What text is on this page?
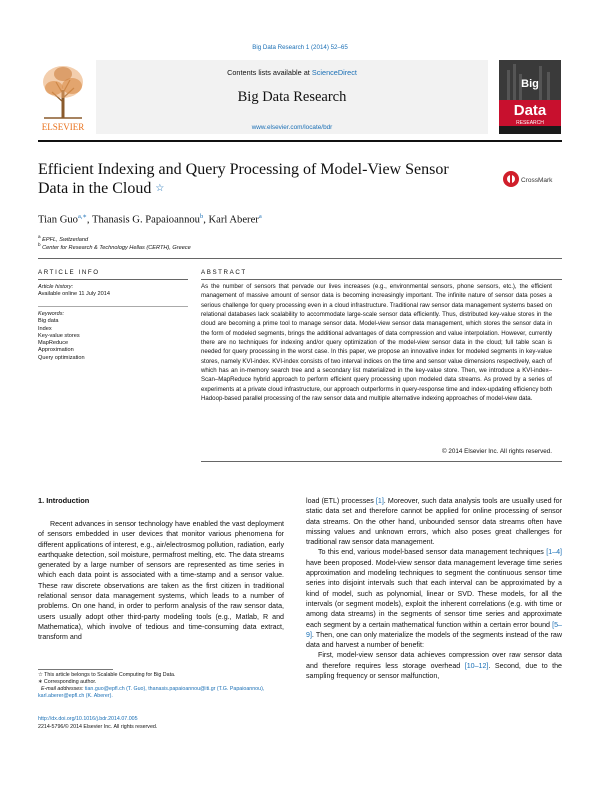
Big Data Research 1 (2014) 52–65
ELSEVIER
Contents lists available at ScienceDirect
Big Data Research
www.elsevier.com/locate/bdr
Big
Data
RESEARCH
Efficient Indexing and Query Processing of Model-View Sensor Data in the Cloud ☆
CrossMark
Tian Guo$^{a,∗}$, Thanasis G. Papaioannou$^b$, Karl Aberer$^a$
$^a$ EPFL, Switzerland
$^b$ Center for Research & Technology Hellas (CERTH), Greece
ARTICLE INFO
Article history:
Available online 11 July 2014
Keywords:
Big data
Index
Key-value stores
MapReduce
Approximation
Query optimization
ABSTRACT
As the number of sensors that pervade our lives increases (e.g., environmental sensors, phone sensors, etc.), the efficient management of massive amount of sensor data is becoming increasingly important. The infinite nature of sensor data poses a serious challenge for query processing even in a cloud infrastructure. Traditional raw sensor data management systems based on relational databases lack scalability to accommodate large-scale sensor data efficiently. Thus, distributed key-value stores in the cloud are becoming a prime tool to manage sensor data. Model-view sensor data management, which stores the sensor data in the form of modeled segments, brings the additional advantages of data compression and value interpolation. However, currently there are no techniques for indexing and/or query optimization of the model-view sensor data in the cloud; full table scan is needed for query processing in the worst case. In this paper, we propose an innovative index for modeled segments in key-value stores, namely KVI-index. KVI-index consists of two interval indices on the time and sensor value dimensions respectively, each of which has an in-memory search tree and a secondary list materialized in the key-value store. Then, we introduce a KVI-index–Scan–MapReduce hybrid approach to perform efficient query processing upon modeled data streams. As proved by a series of experiments at a private cloud infrastructure, our approach outperforms in query-response time and index-updating efficiency both Hadoop-based parallel processing of the raw sensor data and multiple alternative indexing approaches of model-view data.
© 2014 Elsevier Inc. All rights reserved.
1. Introduction

Recent advances in sensor technology have enabled the vast deployment of sensors embedded in user devices that monitor various phenomena for different applications of interest, e.g., air/electrosmog pollution, radiation, early earthquake detection, soil moisture, permafrost melting, etc. The data streams generated by a large number of sensors are represented as time series in which each data point is associated with a time-stamp and a sensor value. These raw discrete observations are taken as the first citizen in traditional relational sensor data management systems, which leads to a number of problems. On one hand, in order to perform analysis of the raw sensor data, users usually adopt other third-party modeling tools (e.g., Matlab, R and Mathematica), which involve of tedious and time-consuming data extract, transform and

load (ETL) processes [1]. Moreover, such data analysis tools are usually used for static data set and therefore cannot be applied for online processing of sensor data streams. On the other hand, unbounded sensor data streams often have missing values and unknown errors, which also poses great challenges for traditional raw sensor data management.

To this end, various model-based sensor data management techniques [1–4] have been proposed. Model-view sensor data management leverage time series approximation and modeling techniques to segment the continuous sensor time series into disjoint intervals such that each interval can be approximated by a kind of model, such as polynomial, linear or SVD. These models, for all the intervals (or segment models), exploit the inherent correlations (e.g. with time or among data streams) in the segments of sensor time series and approximate each segment by a certain mathematical function within a certain error bound [5–9]. Then, one can only materialize the models of the segments instead of the raw data and harvest a number of benefit:

First, model-view sensor data achieves compression over raw sensor data and therefore requires less storage overhead [10–12]. Second, due to the sampling frequency or sensor malfunction,

☆ This article belongs to Scalable Computing for Big Data.
∗ Corresponding author.
E-mail addresses: tian.guo@epfl.ch (T. Guo), thanasis.papaioannou@iti.gr (T.G. Papaioannou), karl.aberer@epfl.ch (K. Aberer).
http://dx.doi.org/10.1016/j.bdr.2014.07.005
2214-5796/© 2014 Elsevier Inc. All rights reserved.
